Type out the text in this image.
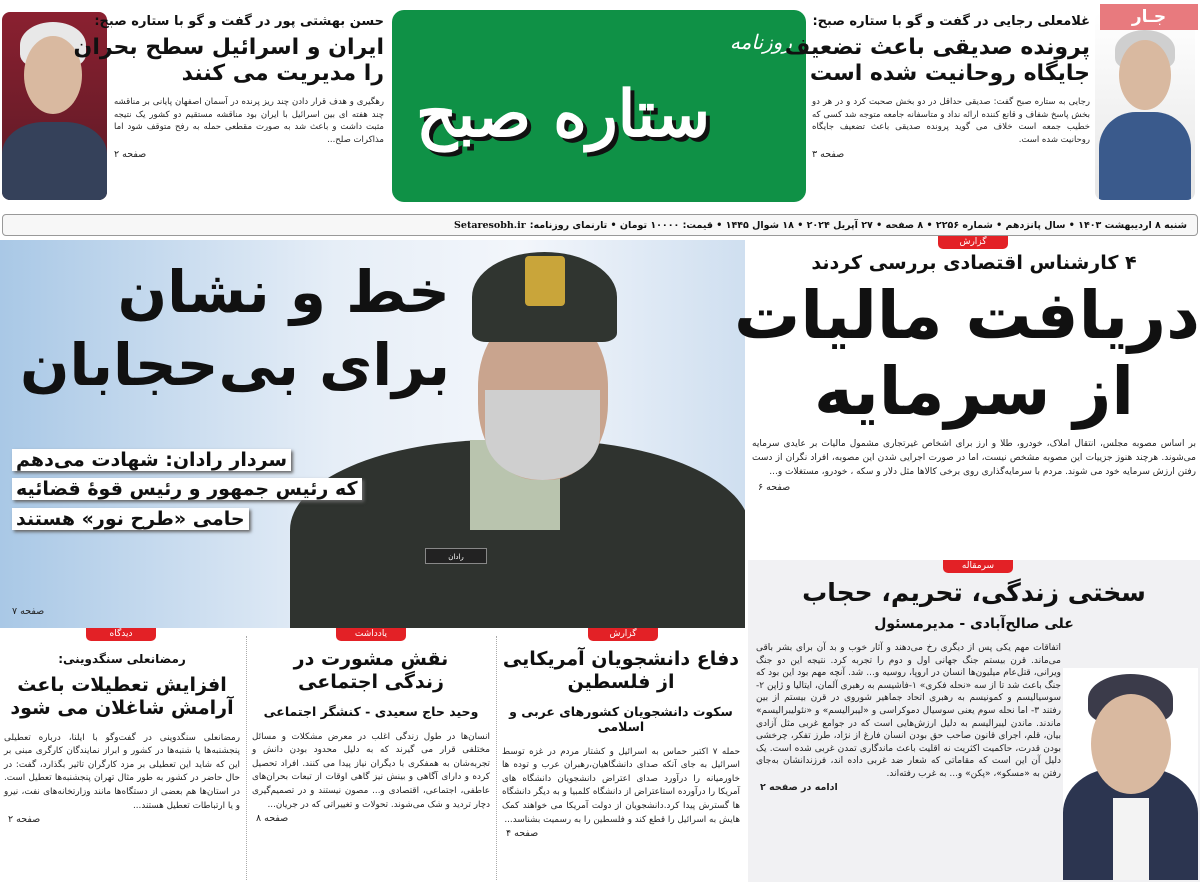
ستاره صبح
روزنامه
غلامعلی رجایی در گفت و گو با ستاره صبح:
پرونده صدیقی باعث تضعیف
جایگاه روحانیت شده است
رجایی به ستاره صبح گفت: صدیقی حداقل در دو بخش صحبت کرد و در هر دو بخش پاسخ شفاف و قانع کننده ارائه نداد و متاسفانه جامعه متوجه شد کسی که خطیب جمعه است خلاف می گوید پرونده صدیقی باعث تضعیف جایگاه روحانیت شده است.
صفحه ۳
جـار
حسن بهشتی پور در گفت و گو با ستاره صبح:
ایران و اسرائیل سطح بحران
را مدیریت می کنند
رهگیری و هدف قرار دادن چند ریز پرنده در آسمان اصفهان پایانی بر مناقشه چند هفته ای بین اسرائیل با ایران بود مناقشه مستقیم دو کشور یک نتیجه مثبت داشت و باعث شد به صورت مقطعی حمله به رفح متوقف شود اما مذاکرات صلح...
صفحه ۲
شنبه ۸ اردیبهشت ۱۴۰۳ • سال پانزدهم • شماره ۲۲۵۶ • ۸ صفحه • ۲۷ آپریل ۲۰۲۴ • ۱۸ شوال ۱۴۴۵ • قیمت: ۱۰۰۰۰ تومان • تارنمای روزنامه:
Setaresobh.ir
رادان
خط و نشان
برای بی‌حجابان
سردار رادان: شهادت می‌دهم
که رئیس جمهور و رئیس قوهٔ قضائیه
حامی «طرح نور» هستند
صفحه ۷
گزارش
۴ کارشناس اقتصادی بررسی کردند
دریافت مالیات
از سرمایه
بر اساس مصوبه مجلس، انتقال املاک، خودرو، طلا و ارز برای اشخاص غیرتجاری مشمول مالیات بر عایدی سرمایه می‌شوند. هرچند هنوز جزییات این مصوبه مشخص نیست، اما در صورت اجرایی شدن این مصوبه، افراد نگران از دست رفتن ارزش سرمایه خود می شوند. مردم با سرمایه‌گذاری روی برخی کالاها مثل دلار و سکه ، خودرو، مستغلات و...
صفحه ۶
سرمقاله
سختی زندگی، تحریم، حجاب
علی صالح‌آبادی - مدیرمسئول
اتفاقات مهم یکی پس از دیگری رخ می‌دهند و آثار خوب و بد آن برای بشر باقی می‌ماند. قرن بیستم جنگ جهانی اول و دوم را تجربه کرد. نتیجه این دو جنگ ویرانی، قتل‌عام میلیون‌ها انسان در اروپا، روسیه و... شد. آنچه مهم بود این بود که جنگ باعث شد تا از سه «نحله فکری» ۱-فاشیسم به رهبری آلمان، ایتالیا و ژاپن ۲-سوسیالیسم و کمونیسم به رهبری اتحاد جماهیر شوروی در قرن بیستم از بین رفتند ۳- اما نحله سوم یعنی سوسیال دموکراسی و «لیبرالیسم» و «نئولیبرالیسم» ماندند. ماندن لیبرالیسم به دلیل ارزش‌هایی است که در جوامع غربی مثل آزادی بیان، قلم، اجرای قانون صاحب حق بودن انسان فارغ از نژاد، طرز تفکر، چرخشی بودن قدرت، حاکمیت اکثریت نه اقلیت باعث ماندگاری تمدن غربی شده است. یک دلیل آن این است که مقاماتی که شعار ضد غربی داده اند، فرزندانشان به‌جای رفتن به «مسکو»، «پکن» و... به غرب رفته‌اند.
ادامه در صفحه ۲
گزارش
دفاع دانشجویان آمریکایی از فلسطین
سکوت دانشجویان کشورهای عربی و اسلامی
حمله ۷ اکتبر حماس به اسرائیل و کشتار مردم در غزه توسط اسرائیل به جای آنکه صدای دانشگاهیان،رهبران عرب و توده ها خاورمیانه را درآورد صدای اعتراض دانشجویان دانشگاه های آمریکا را درآورده استاعتراض از دانشگاه کلمبیا و به دیگر دانشگاه ها گسترش پیدا کرد.دانشجویان از دولت آمریکا می خواهند کمک هایش به اسرائیل را قطع کند و فلسطین را به رسمیت بشناسد...
صفحه ۴
یادداشت
نقش مشورت در زندگی اجتماعی
وحید حاج سعیدی - کنشگر اجتماعی
انسان‌ها در طول زندگی اغلب در معرض مشکلات و مسائل مختلفی قرار می گیرند که به دلیل محدود بودن دانش و تجربه‌شان به همفکری با دیگران نیاز پیدا می کنند. افراد تحصیل کرده و دارای آگاهی و بینش نیز گاهی اوقات از تبعات بحران‌های عاطفی، اجتماعی، اقتصادی و... مصون نیستند و در تصمیم‌گیری دچار تردید و شک می‌شوند. تحولات و تغییراتی که در جریان...
صفحه ۸
دیدگاه
رمضانعلی سنگدوینی:
افزایش تعطیلات باعث آرامش شاغلان می شود
رمضانعلی سنگدوینی در گفت‌وگو با ایلنا، درباره تعطیلی پنجشنبه‌ها یا شنبه‌ها در کشور و ابراز نمایندگان کارگری مبنی بر این که شاید این تعطیلی بر مزد کارگران تاثیر بگذارد، گفت: در حال حاضر در کشور به طور مثال تهران پنجشنبه‌ها تعطیل است. در استان‌ها هم بعضی از دستگاه‌ها مانند وزارتخانه‌های نفت، نیرو و یا ارتباطات تعطیل هستند...
صفحه ۲
